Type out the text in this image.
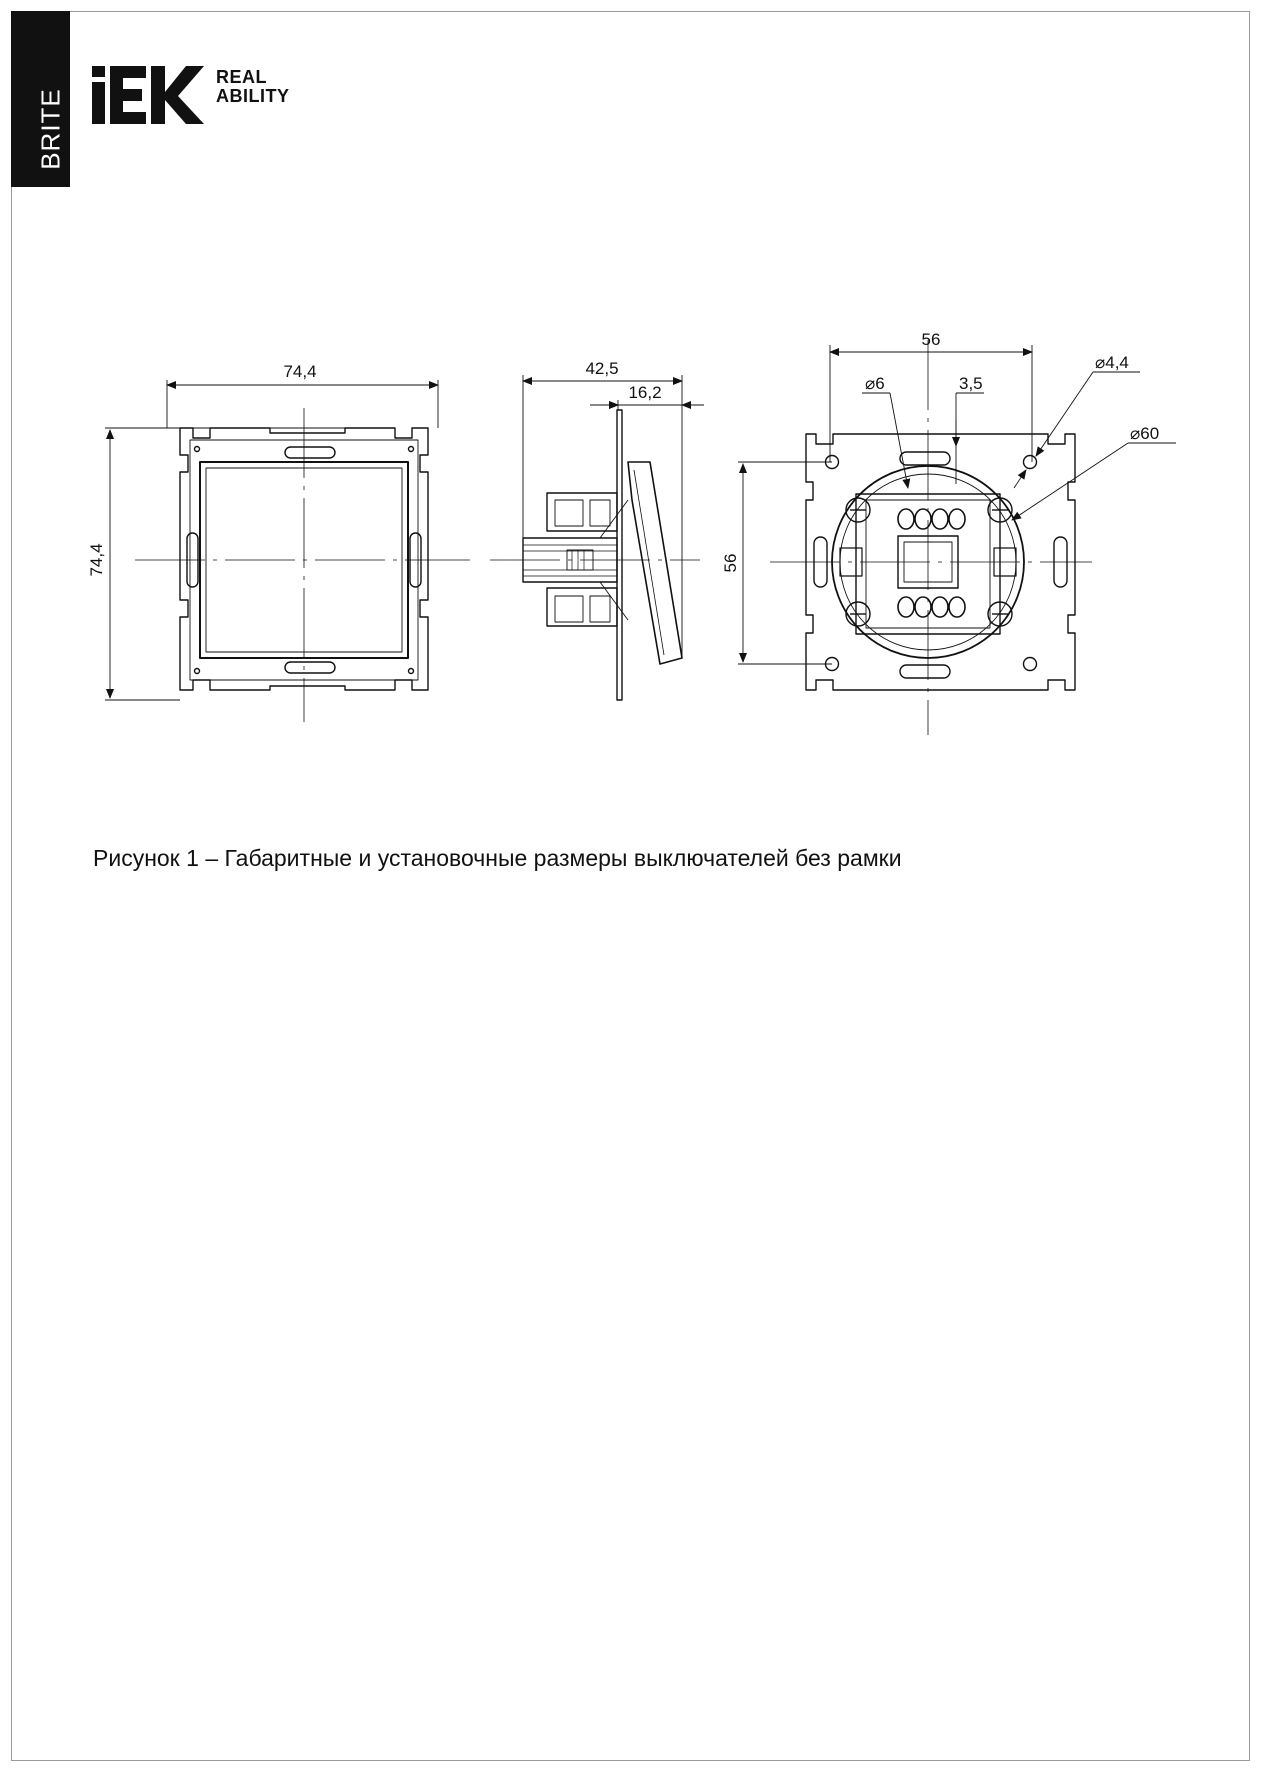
BRITE
REAL
ABILITY
74,4
74,4
42,5
16,2
56
56
⌀6	3,5
⌀4,4
⌀60
Рисунок 1 – Габаритные и установочные размеры выключателей без рамки
